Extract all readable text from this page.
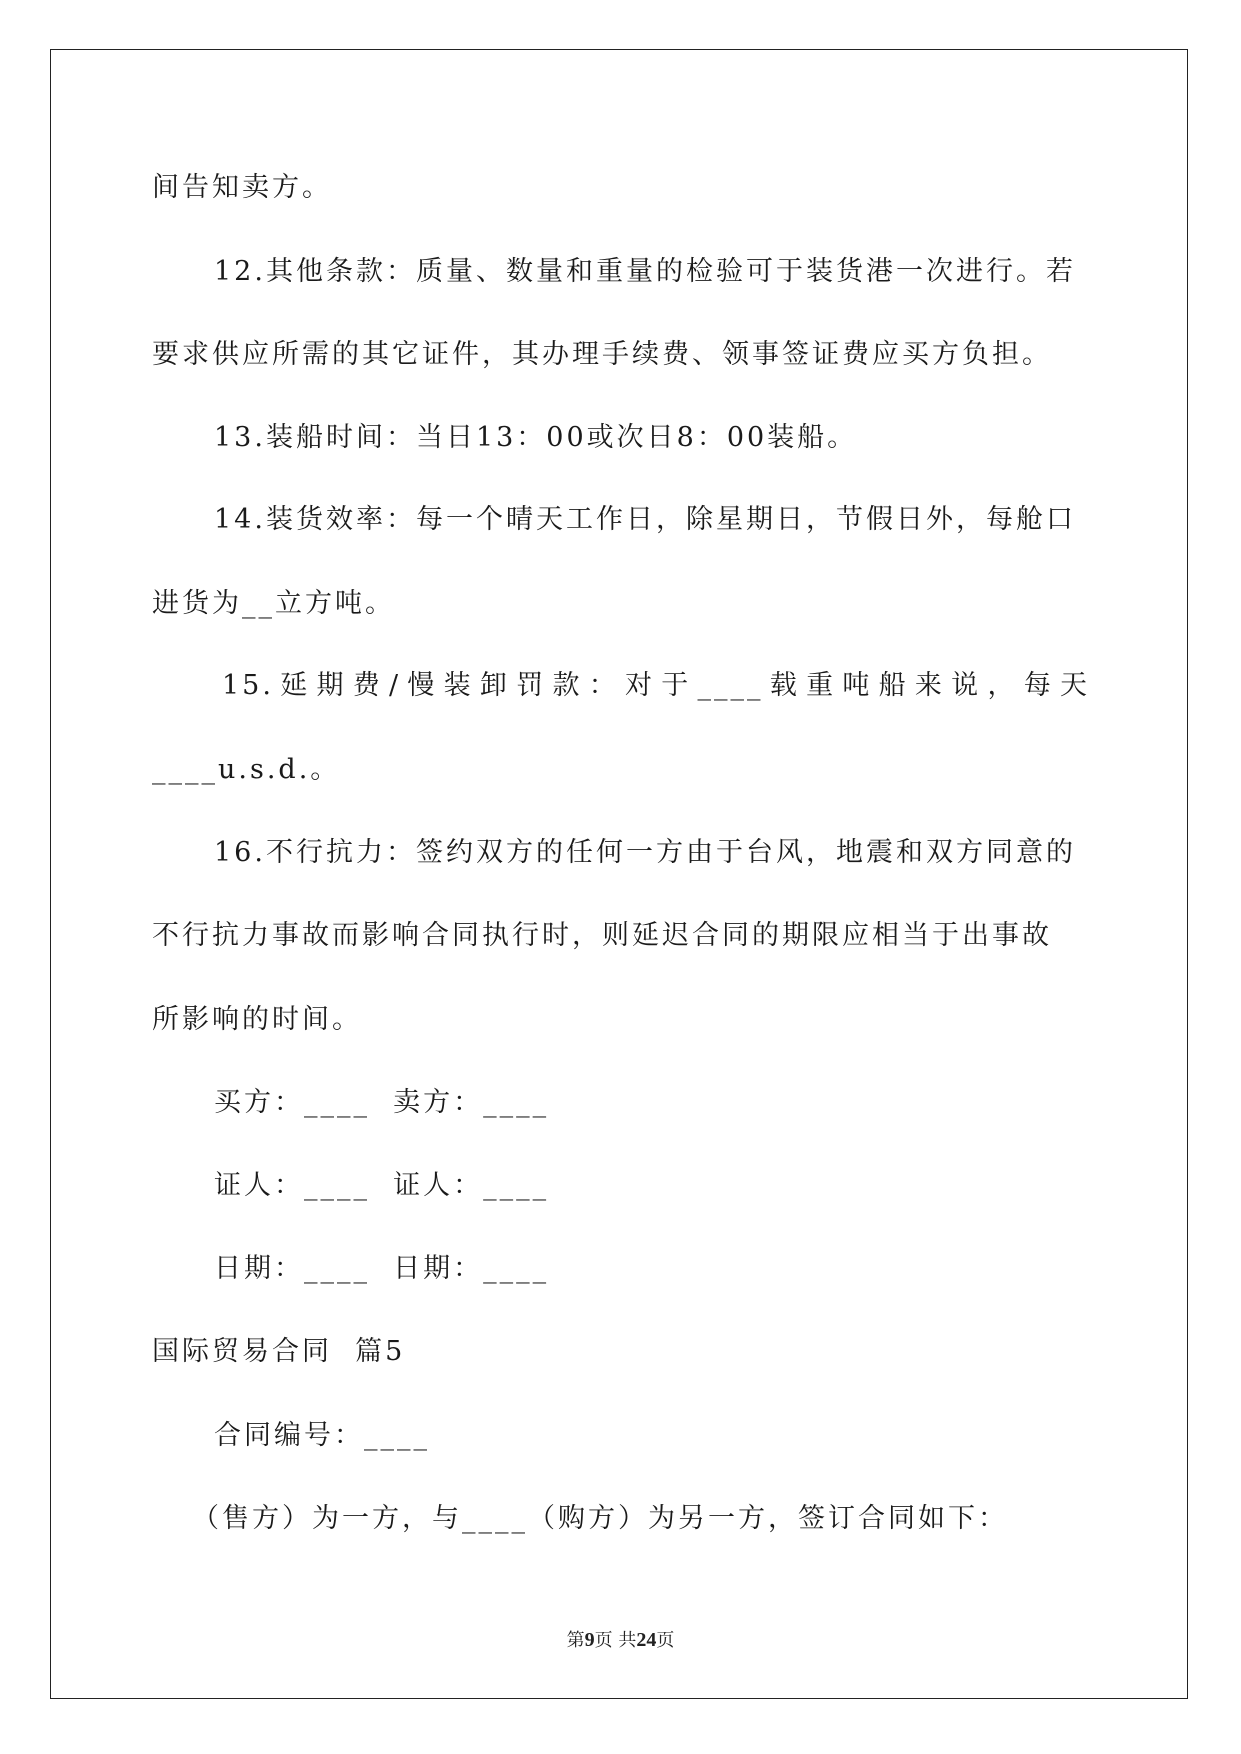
间告知卖方。
12.其他条款：质量、数量和重量的检验可于装货港一次进行。若
要求供应所需的其它证件，其办理手续费、领事签证费应买方负担。
13.装船时间：当日13：00或次日8：00装船。
14.装货效率：每一个晴天工作日，除星期日，节假日外，每舱口
进货为__立方吨。
15.延期费/慢装卸罚款：对于____载重吨船来说，每天
____u.s.d.。
16.不行抗力：签约双方的任何一方由于台风，地震和双方同意的
不行抗力事故而影响合同执行时，则延迟合同的期限应相当于出事故
所影响的时间。
买方：____  卖方：____
证人：____  证人：____
日期：____  日期：____
国际贸易合同  篇5
合同编号：____
（售方）为一方，与____（购方）为另一方，签订合同如下：
第9页 共24页
